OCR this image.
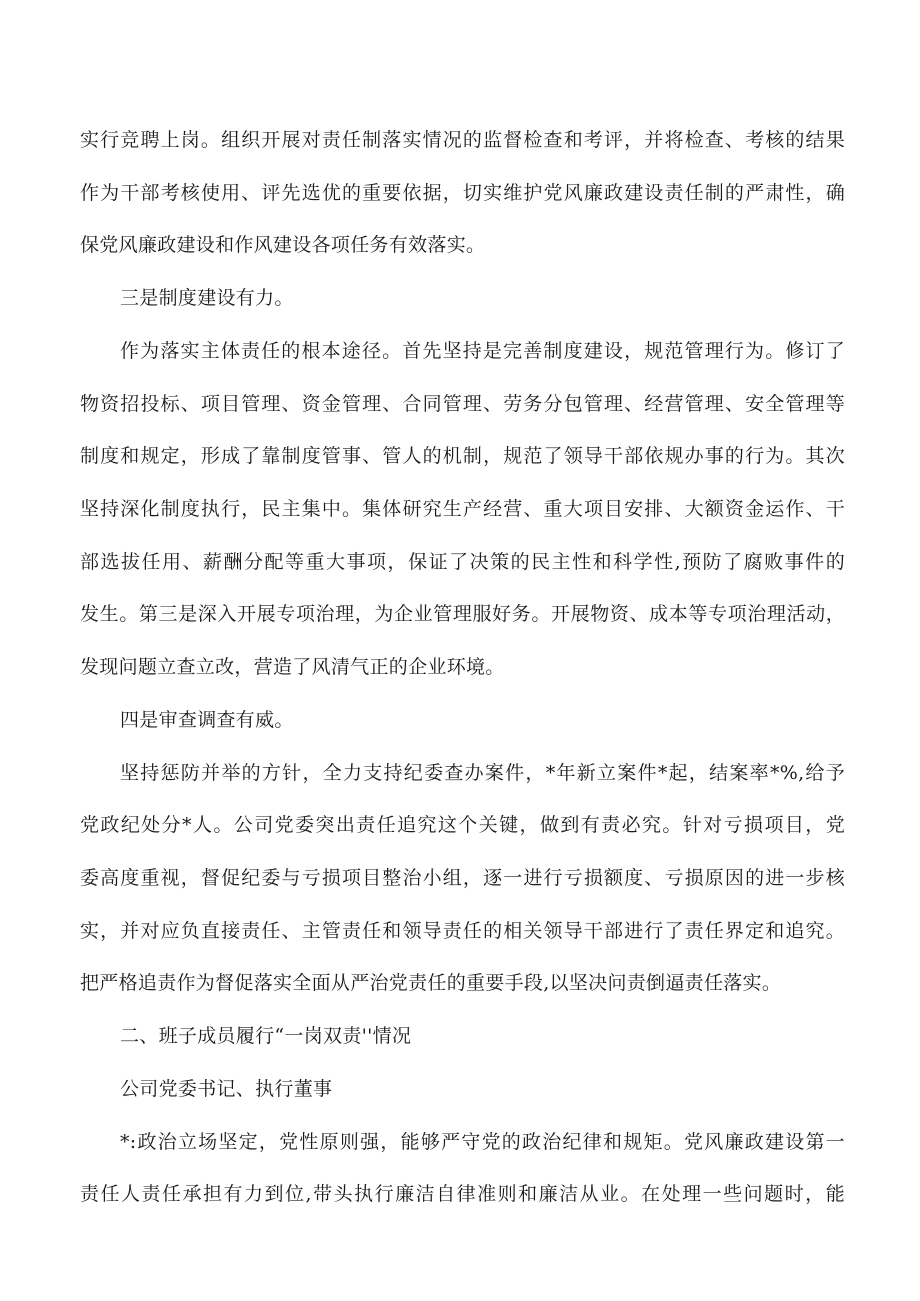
实行竞聘上岗。组织开展对责任制落实情况的监督检查和考评，并将检查、考核的结果
作为干部考核使用、评先选优的重要依据，切实维护党风廉政建设责任制的严肃性，确
保党风廉政建设和作风建设各项任务有效落实。
三是制度建设有力。
作为落实主体责任的根本途径。首先坚持是完善制度建设，规范管理行为。修订了
物资招投标、项目管理、资金管理、合同管理、劳务分包管理、经营管理、安全管理等
制度和规定，形成了靠制度管事、管人的机制，规范了领导干部依规办事的行为。其次
坚持深化制度执行，民主集中。集体研究生产经营、重大项目安排、大额资金运作、干
部选拔任用、薪酬分配等重大事项，保证了决策的民主性和科学性,预防了腐败事件的
发生。第三是深入开展专项治理，为企业管理服好务。开展物资、成本等专项治理活动，
发现问题立查立改，营造了风清气正的企业环境。
四是审查调查有威。
坚持惩防并举的方针，全力支持纪委查办案件，*年新立案件*起，结案率*%,给予
党政纪处分*人。公司党委突出责任追究这个关键，做到有责必究。针对亏损项目，党
委高度重视，督促纪委与亏损项目整治小组，逐一进行亏损额度、亏损原因的进一步核
实，并对应负直接责任、主管责任和领导责任的相关领导干部进行了责任界定和追究。
把严格追责作为督促落实全面从严治党责任的重要手段,以坚决问责倒逼责任落实。
二、班子成员履行“一岗双责''情况
公司党委书记、执行董事
*:政治立场坚定，党性原则强，能够严守党的政治纪律和规矩。党风廉政建设第一
责任人责任承担有力到位,带头执行廉洁自律准则和廉洁从业。在处理一些问题时，能
